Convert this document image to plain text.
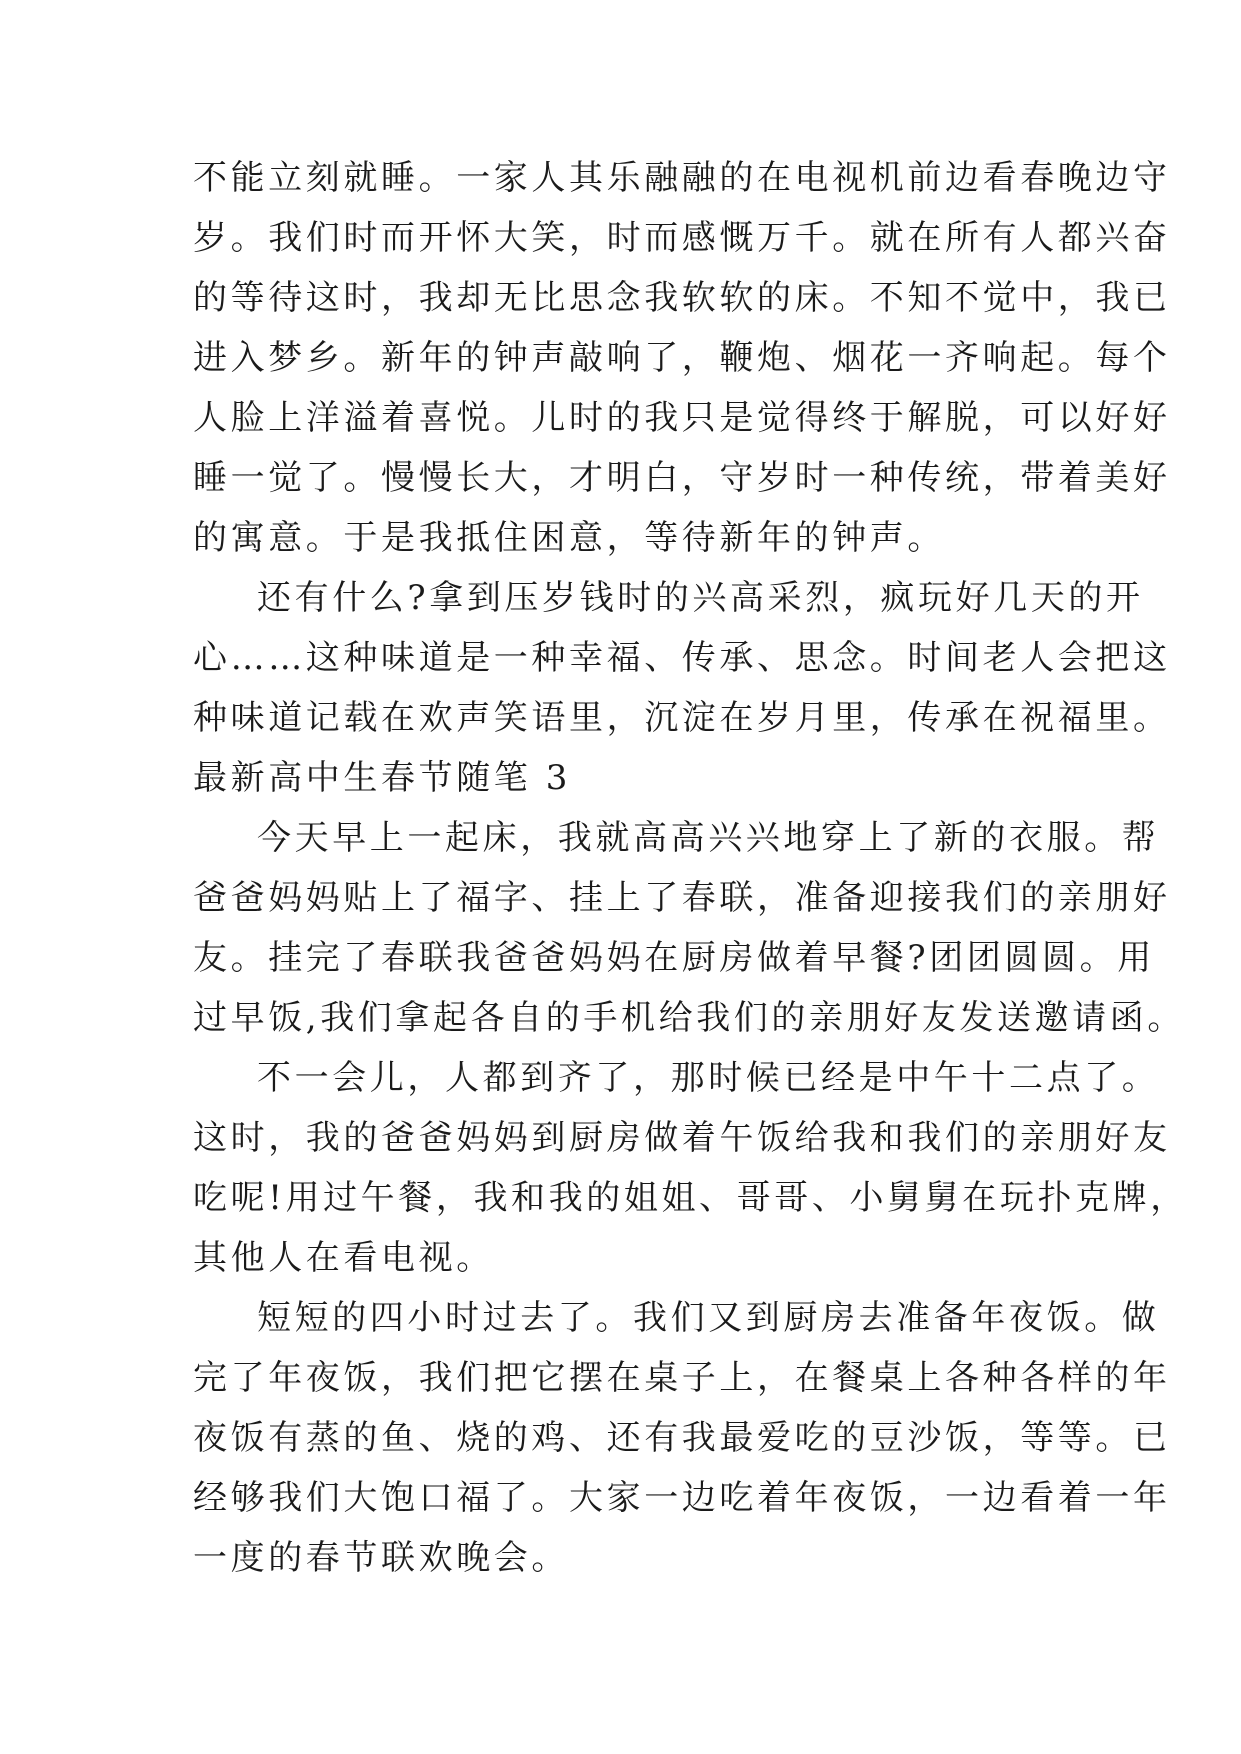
不能立刻就睡。一家人其乐融融的在电视机前边看春晚边守
岁。我们时而开怀大笑，时而感慨万千。就在所有人都兴奋
的等待这时，我却无比思念我软软的床。不知不觉中，我已
进入梦乡。新年的钟声敲响了，鞭炮、烟花一齐响起。每个
人脸上洋溢着喜悦。儿时的我只是觉得终于解脱，可以好好
睡一觉了。慢慢长大，才明白，守岁时一种传统，带着美好
的寓意。于是我抵住困意，等待新年的钟声。
还有什么?拿到压岁钱时的兴高采烈，疯玩好几天的开
心……这种味道是一种幸福、传承、思念。时间老人会把这
种味道记载在欢声笑语里，沉淀在岁月里，传承在祝福里。
最新高中生春节随笔 3
今天早上一起床，我就高高兴兴地穿上了新的衣服。帮
爸爸妈妈贴上了福字、挂上了春联，准备迎接我们的亲朋好
友。挂完了春联我爸爸妈妈在厨房做着早餐?团团圆圆。用
过早饭,我们拿起各自的手机给我们的亲朋好友发送邀请函。
不一会儿，人都到齐了，那时候已经是中午十二点了。
这时，我的爸爸妈妈到厨房做着午饭给我和我们的亲朋好友
吃呢!用过午餐，我和我的姐姐、哥哥、小舅舅在玩扑克牌，
其他人在看电视。
短短的四小时过去了。我们又到厨房去准备年夜饭。做
完了年夜饭，我们把它摆在桌子上，在餐桌上各种各样的年
夜饭有蒸的鱼、烧的鸡、还有我最爱吃的豆沙饭，等等。已
经够我们大饱口福了。大家一边吃着年夜饭，一边看着一年
一度的春节联欢晚会。
